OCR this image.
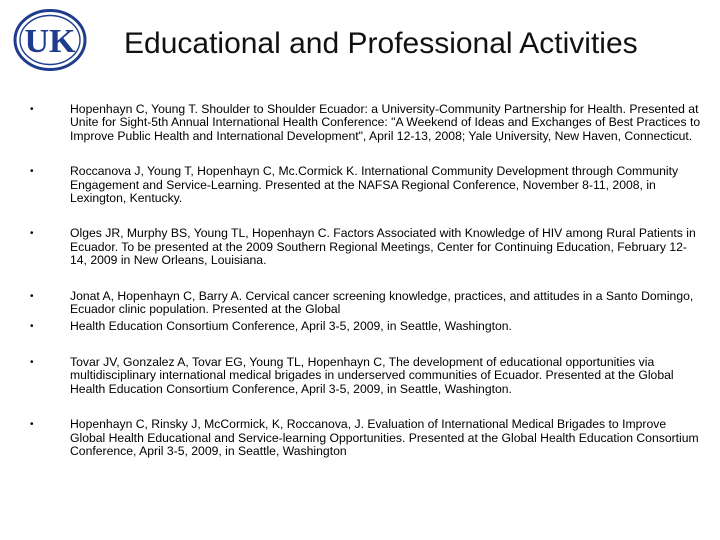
UK Educational and Professional Activities
•	Hopenhayn C, Young T. Shoulder to Shoulder Ecuador: a University-Community Partnership for Health. Presented at Unite for Sight-5th Annual International Health Conference: "A Weekend of Ideas and Exchanges of Best Practices to Improve Public Health and International Development", April 12-13, 2008; Yale University, New Haven, Connecticut.
•	Roccanova J, Young T, Hopenhayn C, Mc.Cormick K. International Community Development through Community Engagement and Service-Learning. Presented at the NAFSA Regional Conference, November 8-11, 2008, in Lexington, Kentucky.
•	Olges JR, Murphy BS, Young TL, Hopenhayn C. Factors Associated with Knowledge of HIV among Rural Patients in Ecuador. To be presented at the 2009 Southern Regional Meetings, Center for Continuing Education, February 12-14, 2009 in New Orleans, Louisiana.
•	Jonat A, Hopenhayn C, Barry A. Cervical cancer screening knowledge, practices, and attitudes in a Santo Domingo, Ecuador clinic population. Presented at the Global
•	Health Education Consortium Conference, April 3-5, 2009, in Seattle, Washington.
•	Tovar JV, Gonzalez A, Tovar EG, Young TL, Hopenhayn C, The development of educational opportunities via multidisciplinary international medical brigades in underserved communities of Ecuador. Presented at the Global Health Education Consortium Conference, April 3-5, 2009, in Seattle, Washington.
•	Hopenhayn C, Rinsky J, McCormick, K, Roccanova, J. Evaluation of International Medical Brigades to Improve Global Health Educational and Service-learning Opportunities. Presented at the Global Health Education Consortium Conference, April 3-5, 2009, in Seattle, Washington
